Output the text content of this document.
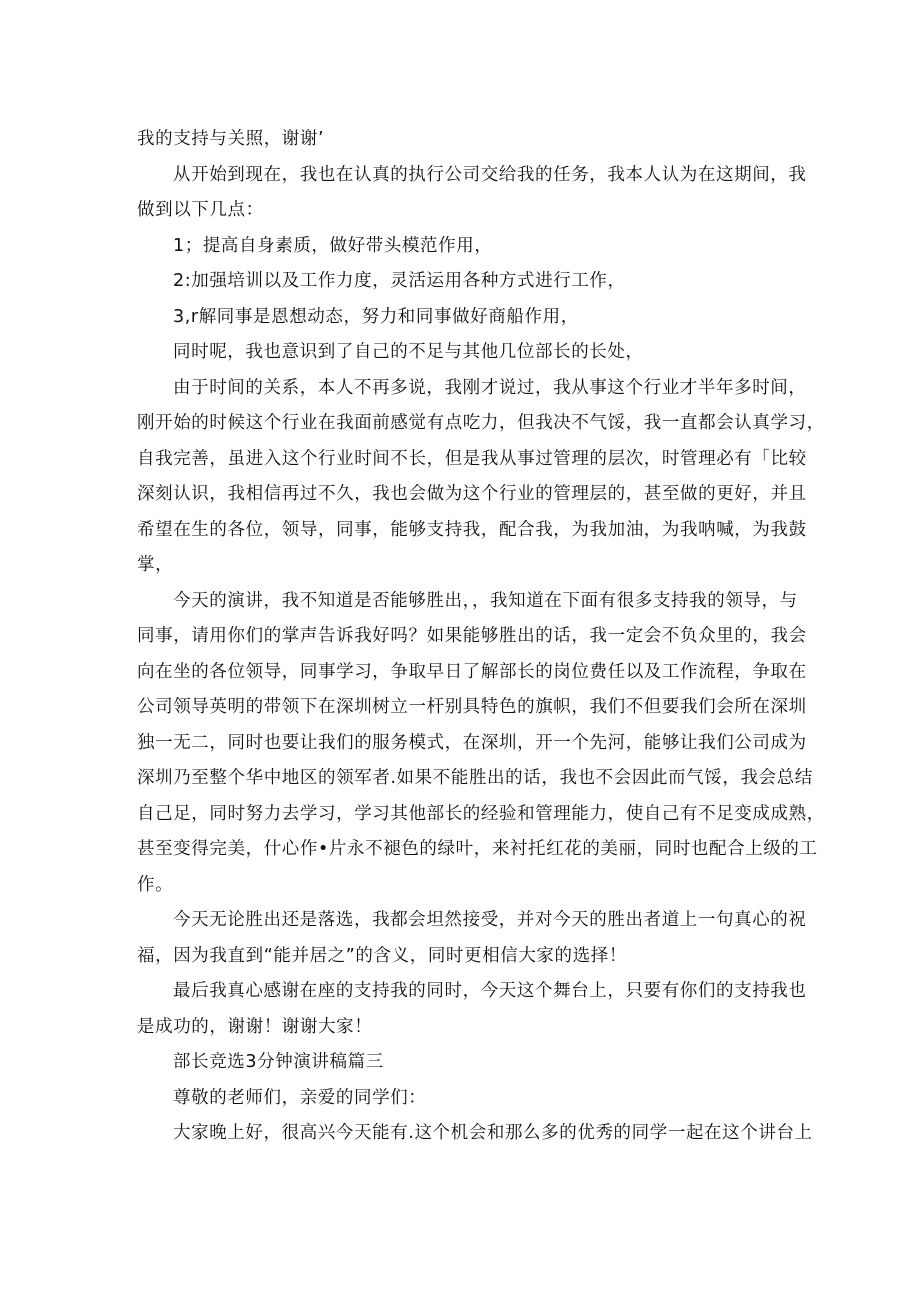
我的支持与关照，谢谢’
从开始到现在，我也在认真的执行公司交给我的任务，我本人认为在这期间，我
做到以下几点：
1；提高自身素质，做好带头模范作用，
2:加强培训以及工作力度，灵活运用各种方式进行工作，
3,r解同事是恩想动态，努力和同事做好商船作用，
同时呢，我也意识到了自己的不足与其他几位部长的长处，
由于时间的关系，本人不再多说，我刚才说过，我从事这个行业才半年多时间，
刚开始的时候这个行业在我面前感觉有点吃力，但我决不气馁，我一直都会认真学习，
自我完善，虽进入这个行业时间不长，但是我从事过管理的层次，时管理必有「比较
深刻认识，我相信再过不久，我也会做为这个行业的管理层的，甚至做的更好，并且
希望在生的各位，领导，同事，能够支持我，配合我，为我加油，为我呐喊，为我鼓
掌，
今天的演讲，我不知道是否能够胜出，，我知道在下面有很多支持我的领导，与
同事，请用你们的掌声告诉我好吗？如果能够胜出的话，我一定会不负众里的，我会
向在坐的各位领导，同事学习，争取早日了解部长的岗位费任以及工作流程，争取在
公司领导英明的带领下在深圳树立一杆别具特色的旗帜，我们不但要我们会所在深圳
独一无二，同时也要让我们的服务模式，在深圳，开一个先河，能够让我们公司成为
深圳乃至整个华中地区的领军者.如果不能胜出的话，我也不会因此而气馁，我会总结
自己足，同时努力去学习，学习其他部长的经验和管理能力，使自己有不足变成成熟，
甚至变得完美，什心作•片永不褪色的绿叶，来衬托红花的美丽，同时也配合上级的工
作。
今天无论胜出还是落选，我都会坦然接受，并对今天的胜出者道上一句真心的祝
福，因为我直到“能并居之”的含义，同时更相信大家的选择！
最后我真心感谢在座的支持我的同时，今天这个舞台上，只要有你们的支持我也
是成功的，谢谢！谢谢大家！
部长竞选3分钟演讲稿篇三
尊敬的老师们，亲爱的同学们：
大家晚上好，很高兴今天能有.这个机会和那么多的优秀的同学一起在这个讲台上
